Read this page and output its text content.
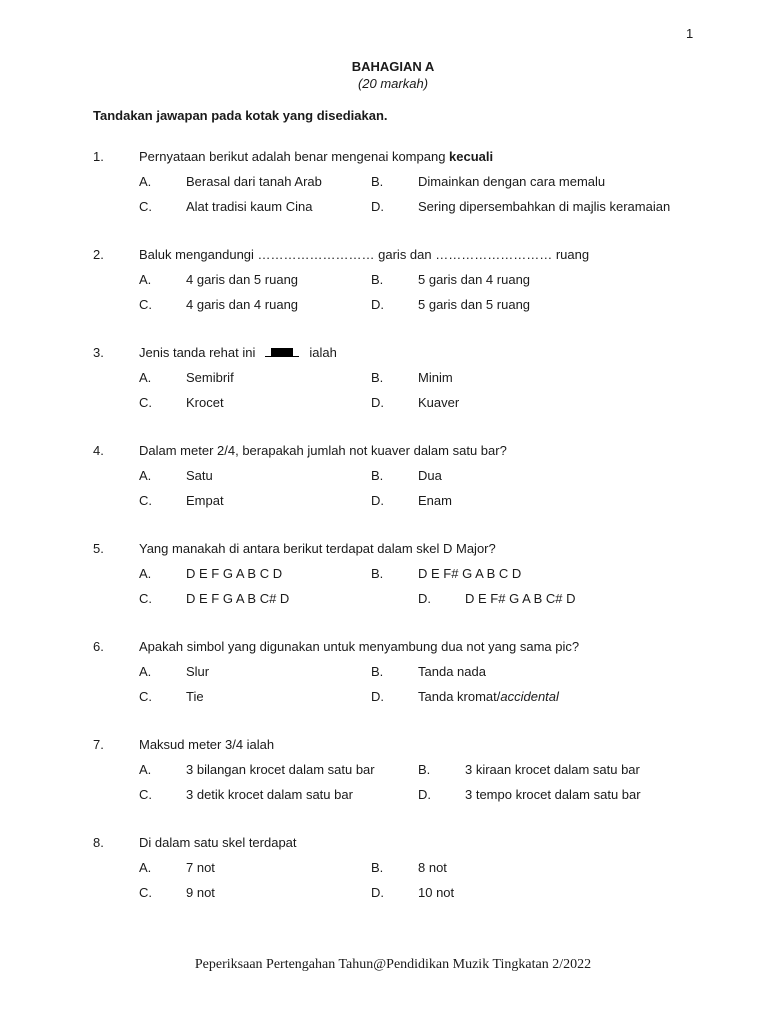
1
BAHAGIAN A
(20 markah)
Tandakan jawapan pada kotak yang disediakan.
1.	Pernyataan berikut adalah benar mengenai kompang kecuali
A.	Berasal dari tanah Arab	B.	Dimainkan dengan cara memalu
C.	Alat tradisi kaum Cina	D.	Sering dipersembahkan di majlis keramaian
2.	Baluk mengandungi ……………………… garis dan ……………………… ruang
A.	4 garis dan 5 ruang	B.	5 garis dan 4 ruang
C.	4 garis dan 4 ruang	D.	5 garis dan 5 ruang
3.	Jenis tanda rehat ini	ialah
A.	Semibrif	B.	Minim
C.	Krocet	D.	Kuaver
4.	Dalam meter 2/4, berapakah jumlah not kuaver dalam satu bar?
A.	Satu	B.	Dua
C.	Empat	D.	Enam
5.	Yang manakah di antara berikut terdapat dalam skel D Major?
A.	D E F G A B C D	B.	D E F# G A B C D
C.	D E F G A B C# D	D.	D E F# G A B C# D
6.	Apakah simbol yang digunakan untuk menyambung dua not yang sama pic?
A.	Slur	B.	Tanda nada
C.	Tie	D.	Tanda kromat/accidental
7.	Maksud meter 3/4 ialah
A.	3 bilangan krocet dalam satu bar	B.	3 kiraan krocet dalam satu bar
C.	3 detik krocet dalam satu bar	D.	3 tempo krocet dalam satu bar
8.	Di dalam satu skel terdapat
A.	7 not	B.	8 not
C.	9 not	D.	10 not
Peperiksaan Pertengahan Tahun@Pendidikan Muzik Tingkatan 2/2022
